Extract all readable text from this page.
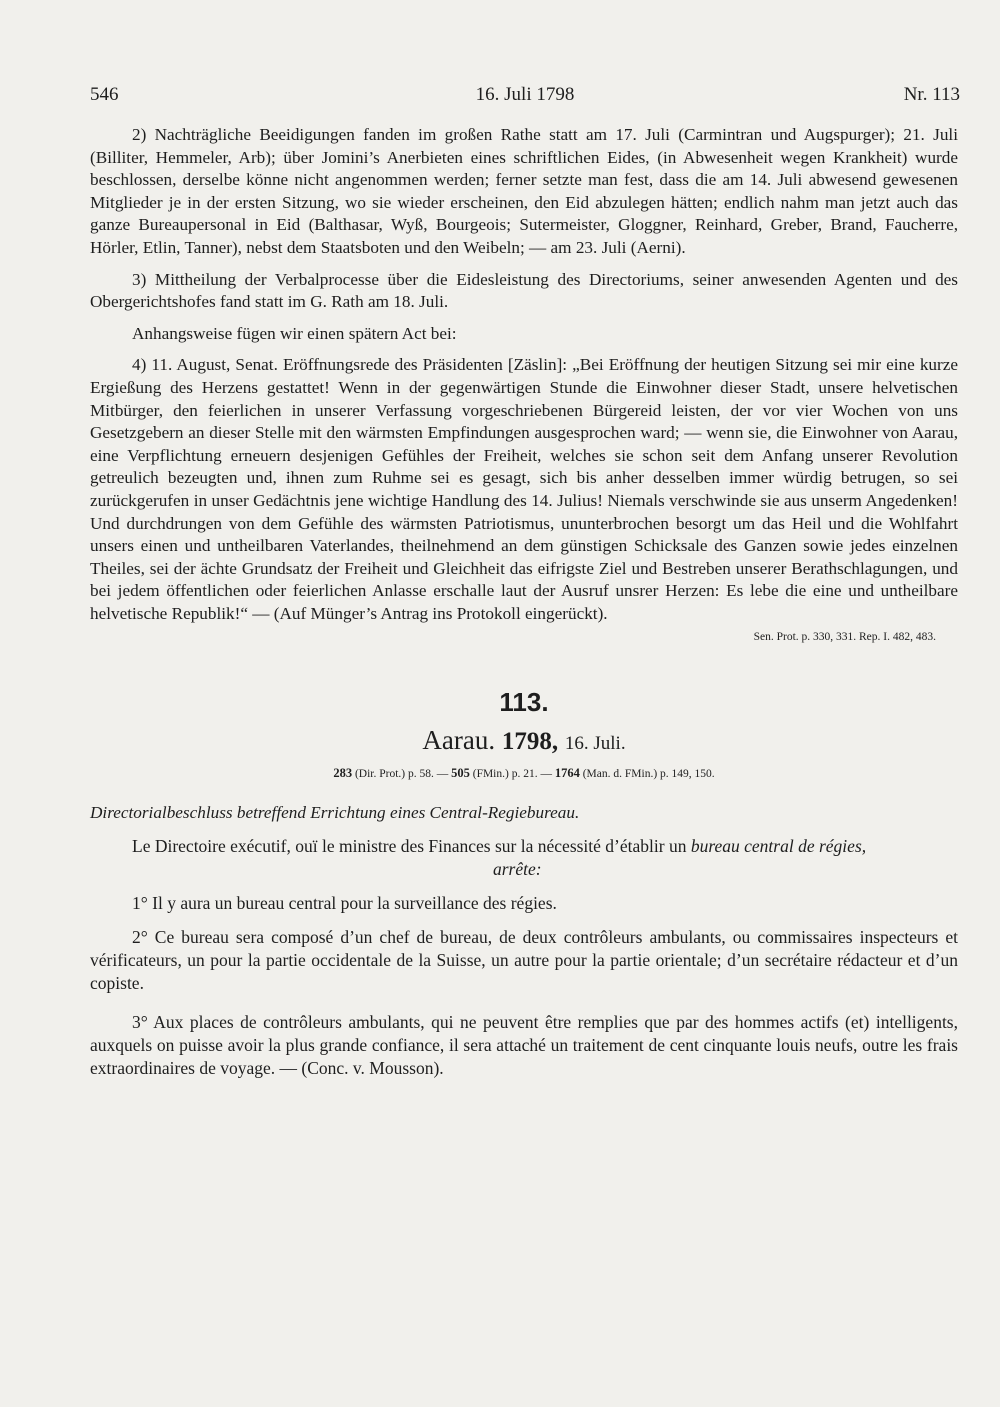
546	16. Juli 1798	Nr. 113

2) Nachträgliche Beeidigungen fanden im großen Rathe statt am 17. Juli (Carmintran und Augspurger); 21. Juli (Billiter, Hemmeler, Arb); über Jomini’s Anerbieten eines schriftlichen Eides, (in Abwesenheit wegen Krankheit) wurde beschlossen, derselbe könne nicht angenommen werden; ferner setzte man fest, dass die am 14. Juli abwesend gewesenen Mitglieder je in der ersten Sitzung, wo sie wieder erscheinen, den Eid abzulegen hätten; endlich nahm man jetzt auch das ganze Bureaupersonal in Eid (Balthasar, Wyß, Bourgeois; Sutermeister, Gloggner, Reinhard, Greber, Brand, Faucherre, Hörler, Etlin, Tanner), nebst dem Staatsboten und den Weibeln; — am 23. Juli (Aerni).

3) Mittheilung der Verbalprocesse über die Eidesleistung des Directoriums, seiner anwesenden Agenten und des Obergerichtshofes fand statt im G. Rath am 18. Juli.

Anhangsweise fügen wir einen spätern Act bei:

4) 11. August, Senat. Eröffnungsrede des Präsidenten [Zäslin]: „Bei Eröffnung der heutigen Sitzung sei mir eine kurze Ergießung des Herzens gestattet! Wenn in der gegenwärtigen Stunde die Einwohner dieser Stadt, unsere helvetischen Mitbürger, den feierlichen in unserer Verfassung vorgeschriebenen Bürgereid leisten, der vor vier Wochen von uns Gesetzgebern an dieser Stelle mit den wärmsten Empfindungen ausgesprochen ward; — wenn sie, die Einwohner von Aarau, eine Verpflichtung erneuern desjenigen Gefühles der Freiheit, welches sie schon seit dem Anfang unserer Revolution getreulich bezeugten und, ihnen zum Ruhme sei es gesagt, sich bis anher desselben immer würdig betrugen, so sei zurückgerufen in unser Gedächtnis jene wichtige Handlung des 14. Julius! Niemals verschwinde sie aus unserm Angedenken! Und durchdrungen von dem Gefühle des wärmsten Patriotismus, ununterbrochen besorgt um das Heil und die Wohlfahrt unsers einen und untheilbaren Vaterlandes, theilnehmend an dem günstigen Schicksale des Ganzen sowie jedes einzelnen Theiles, sei der ächte Grundsatz der Freiheit und Gleichheit das eifrigste Ziel und Bestreben unserer Berathschlagungen, und bei jedem öffentlichen oder feierlichen Anlasse erschalle laut der Ausruf unsrer Herzen: Es lebe die eine und untheilbare helvetische Republik!“ — (Auf Münger’s Antrag ins Protokoll eingerückt).

Sen. Prot. p. 330, 331. Rep. I. 482, 483.
113.
Aarau. 1798, 16. Juli.
283 (Dir. Prot.) p. 58. — 505 (FMin.) p. 21. — 1764 (Man. d. FMin.) p. 149, 150.

Directorialbeschluss betreffend Errichtung eines Central-Regiebureau.

Le Directoire exécutif, ouï le ministre des Finances sur la nécessité d’établir un bureau central de régies,

arrête:

1° Il y aura un bureau central pour la surveillance des régies.

2° Ce bureau sera composé d’un chef de bureau, de deux contrôleurs ambulants, ou commissaires inspecteurs et vérificateurs, un pour la partie occidentale de la Suisse, un autre pour la partie orientale; d’un secrétaire rédacteur et d’un copiste.

3° Aux places de contrôleurs ambulants, qui ne peuvent être remplies que par des hommes actifs (et) intelligents, auxquels on puisse avoir la plus grande confiance, il sera attaché un traitement de cent cinquante louis neufs, outre les frais extraordinaires de voyage. — (Conc. v. Mousson).
